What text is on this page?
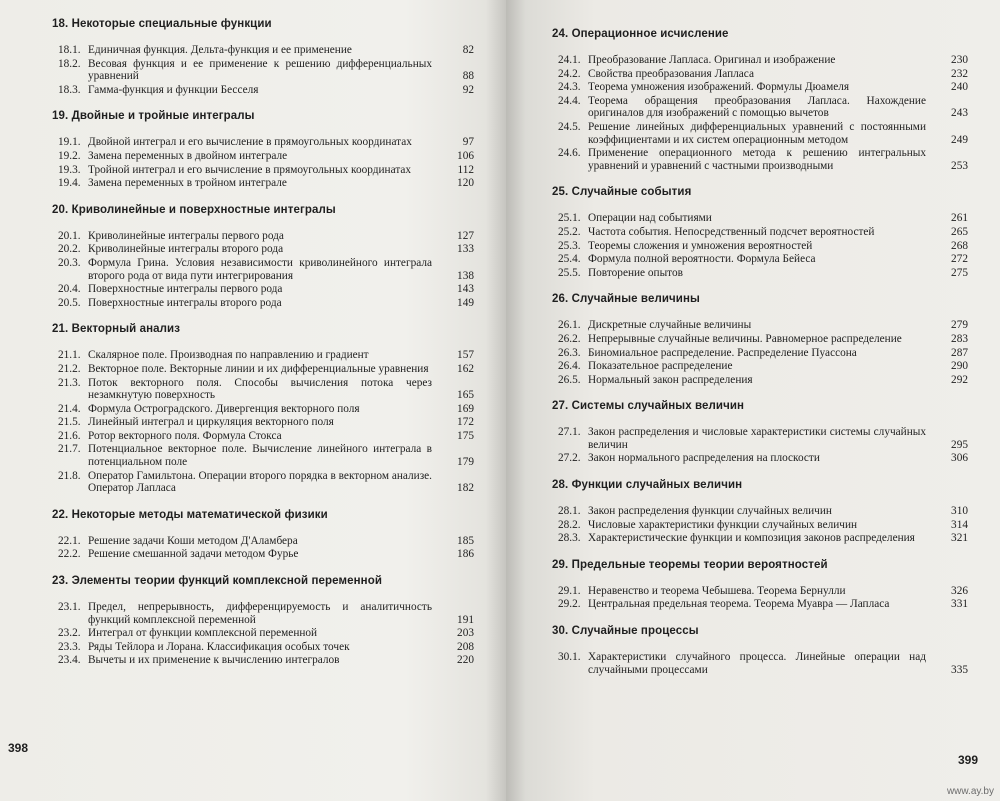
18. Некоторые специальные функции
18.1. Единичная функция. Дельта-функция и ее применение	82
18.2. Весовая функция и ее применение к решению дифференциальных уравнений	88
18.3. Гамма-функция и функции Бесселя	92
19. Двойные и тройные интегралы
19.1. Двойной интеграл и его вычисление в прямоугольных координатах	97
19.2. Замена переменных в двойном интеграле	106
19.3. Тройной интеграл и его вычисление в прямоугольных координатах	112
19.4. Замена переменных в тройном интеграле	120
20. Криволинейные и поверхностные интегралы
20.1. Криволинейные интегралы первого рода	127
20.2. Криволинейные интегралы второго рода	133
20.3. Формула Грина. Условия независимости криволинейного интеграла второго рода от вида пути интегрирования	138
20.4. Поверхностные интегралы первого рода	143
20.5. Поверхностные интегралы второго рода	149
21. Векторный анализ
21.1. Скалярное поле. Производная по направлению и градиент	157
21.2. Векторное поле. Векторные линии и их дифференциальные уравнения	162
21.3. Поток векторного поля. Способы вычисления потока через незамкнутую поверхность	165
21.4. Формула Остроградского. Дивергенция векторного поля	169
21.5. Линейный интеграл и циркуляция векторного поля	172
21.6. Ротор векторного поля. Формула Стокса	175
21.7. Потенциальное векторное поле. Вычисление линейного интеграла в потенциальном поле	179
21.8. Оператор Гамильтона. Операции второго порядка в векторном анализе. Оператор Лапласа	182
22. Некоторые методы математической физики
22.1. Решение задачи Коши методом Д'Аламбера	185
22.2. Решение смешанной задачи методом Фурье	186
23. Элементы теории функций комплексной переменной
23.1. Предел, непрерывность, дифференцируемость и аналитичность функций комплексной переменной	191
23.2. Интеграл от функции комплексной переменной	203
23.3. Ряды Тейлора и Лорана. Классификация особых точек	208
23.4. Вычеты и их применение к вычислению интегралов	220
398
24. Операционное исчисление
24.1. Преобразование Лапласа. Оригинал и изображение	230
24.2. Свойства преобразования Лапласа	232
24.3. Теорема умножения изображений. Формулы Дюамеля	240
24.4. Теорема обращения преобразования Лапласа. Нахождение оригиналов для изображений с помощью вычетов	243
24.5. Решение линейных дифференциальных уравнений с постоянными коэффициентами и их систем операционным методом	249
24.6. Применение операционного метода к решению интегральных уравнений и уравнений с частными производными	253
25. Случайные события
25.1. Операции над событиями	261
25.2. Частота события. Непосредственный подсчет вероятностей	265
25.3. Теоремы сложения и умножения вероятностей	268
25.4. Формула полной вероятности. Формула Бейеса	272
25.5. Повторение опытов	275
26. Случайные величины
26.1. Дискретные случайные величины	279
26.2. Непрерывные случайные величины. Равномерное распределение	283
26.3. Биномиальное распределение. Распределение Пуассона	287
26.4. Показательное распределение	290
26.5. Нормальный закон распределения	292
27. Системы случайных величин
27.1. Закон распределения и числовые характеристики системы случайных величин	295
27.2. Закон нормального распределения на плоскости	306
28. Функции случайных величин
28.1. Закон распределения функции случайных величин	310
28.2. Числовые характеристики функции случайных величин	314
28.3. Характеристические функции и композиция законов распределения	321
29. Предельные теоремы теории вероятностей
29.1. Неравенство и теорема Чебышева. Теорема Бернулли	326
29.2. Центральная предельная теорема. Теорема Муавра — Лапласа	331
30. Случайные процессы
30.1. Характеристики случайного процесса. Линейные операции над случайными процессами	335
399
www.ay.by
